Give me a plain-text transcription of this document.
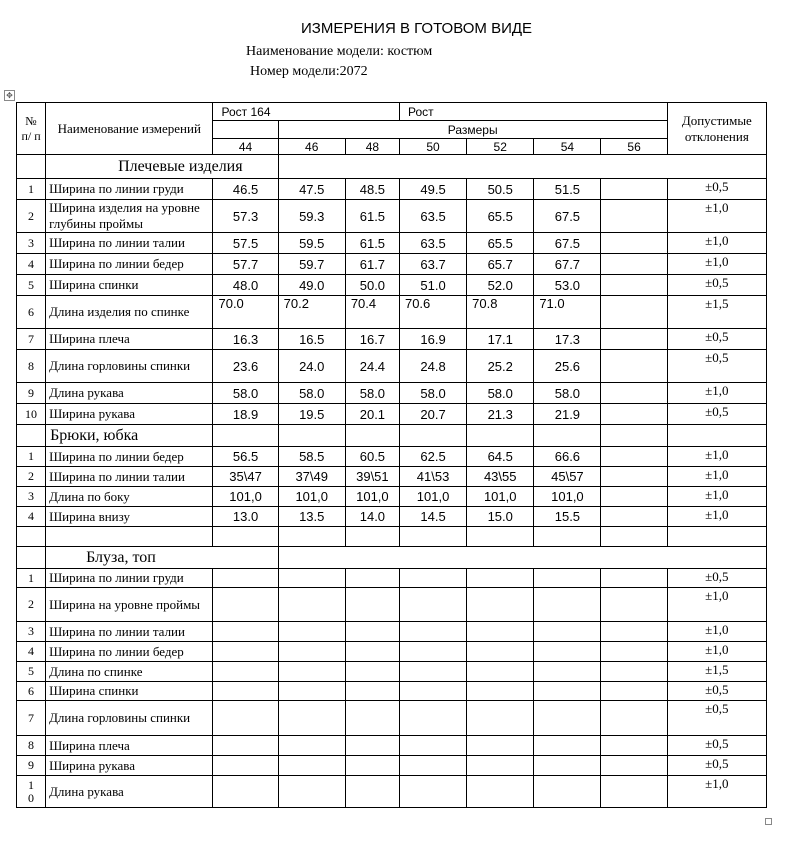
ИЗМЕРЕНИЯ В ГОТОВОМ ВИДЕ
Наименование модели: костюм
Номер модели:2072
✥
№ п/ п	Наименование измерений	Рост 164			Рост				Допустимые отклонения
			Размеры						
		44	46	48	50	52	54	56	
	Плечевые изделия								
1	Ширина по линии груди	46.5	47.5	48.5	49.5	50.5	51.5		±0,5
2	Ширина изделия на уровне глубины проймы	57.3	59.3	61.5	63.5	65.5	67.5		±1,0
3	Ширина по линии талии	57.5	59.5	61.5	63.5	65.5	67.5		±1,0
4	Ширина по линии бедер	57.7	59.7	61.7	63.7	65.7	67.7		±1,0
5	Ширина спинки	48.0	49.0	50.0	51.0	52.0	53.0		±0,5
6	Длина изделия по спинке	70.0	70.2	70.4	70.6	70.8	71.0		±1,5
7	Ширина плеча	16.3	16.5	16.7	16.9	17.1	17.3		±0,5
8	Длина горловины спинки	23.6	24.0	24.4	24.8	25.2	25.6		±0,5
9	Длина рукава	58.0	58.0	58.0	58.0	58.0	58.0		±1,0
10	Ширина рукава	18.9	19.5	20.1	20.7	21.3	21.9		±0,5
	Брюки, юбка								
1	Ширина по линии бедер	56.5	58.5	60.5	62.5	64.5	66.6		±1,0
2	Ширина по линии талии	35\47	37\49	39\51	41\53	43\55	45\57		±1,0
3	Длина по боку	101,0	101,0	101,0	101,0	101,0	101,0		±1,0
4	Ширина внизу	13.0	13.5	14.0	14.5	15.0	15.5		±1,0

	Блуза, топ								
1	Ширина по линии груди								±0,5
2	Ширина на уровне проймы								±1,0
3	Ширина по линии талии								±1,0
4	Ширина по линии бедер								±1,0
5	Длина по спинке								±1,5
6	Ширина спинки								±0,5
7	Длина горловины спинки								±0,5
8	Ширина плеча								±0,5
9	Ширина рукава								±0,5
1 0	Длина рукава								±1,0
